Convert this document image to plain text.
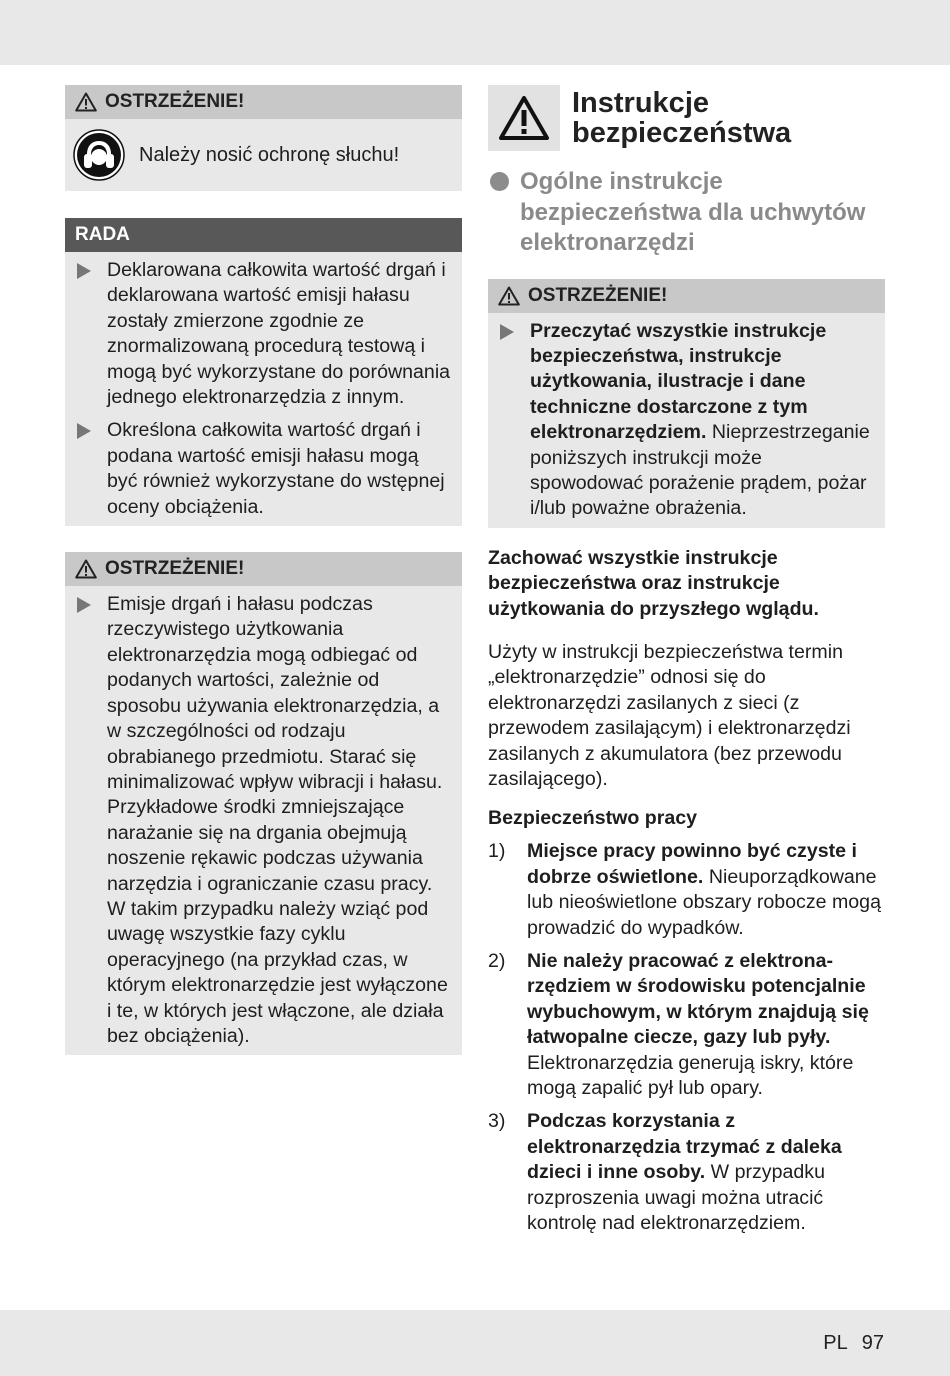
OSTRZEŻENIE!
Należy nosić ochronę słuchu!
RADA
Deklarowana całkowita wartość drgań i deklarowana wartość emisji hałasu zostały zmierzone zgodnie ze znormalizowaną procedurą testową i mogą być wykorzystane do porównania jednego elektronarzędzia z innym.
Określona całkowita wartość drgań i podana wartość emisji hałasu mogą być również wykorzystane do wstępnej oceny obciążenia.
OSTRZEŻENIE!
Emisje drgań i hałasu podczas rzeczywistego użytkowania elektronarzędzia mogą odbiegać od podanych wartości, zależnie od sposobu używania elektronarzędzia, a w szczególności od rodzaju obrabianego przedmiotu. Starać się minimalizować wpływ wibracji i hałasu. Przykładowe środki zmniejszające narażanie się na drgania obejmują noszenie rękawic podczas używania narzędzia i ograniczanie czasu pracy. W takim przypadku należy wziąć pod uwagę wszystkie fazy cyklu operacyjnego (na przykład czas, w którym elektronarzędzie jest wyłączone i te, w których jest włączone, ale działa bez obciążenia).
Instrukcje bezpieczeństwa
Ogólne instrukcje bezpieczeństwa dla uchwytów elektronarzędzi
OSTRZEŻENIE!
Przeczytać wszystkie instrukcje bezpieczeństwa, instrukcje użytkowania, ilustracje i dane techniczne dostarczone z tym elektronarzędziem. Nieprzestrzeganie poniższych instrukcji może spowodować porażenie prądem, pożar i/lub poważne obrażenia.

Zachować wszystkie instrukcje bezpieczeństwa oraz instrukcje użytkowania do przyszłego wglądu.

Użyty w instrukcji bezpieczeństwa termin „elektronarzędzie” odnosi się do elektronarzędzi zasilanych z sieci (z przewodem zasilającym) i elektronarzędzi zasilanych z akumulatora (bez przewodu zasilającego).

Bezpieczeństwo pracy
1) Miejsce pracy powinno być czyste i dobrze oświetlone. Nieuporządkowane lub nieoświetlone obszary robocze mogą prowadzić do wypadków.
2) Nie należy pracować z elektronarzędziem w środowisku potencjalnie wybuchowym, w którym znajdują się łatwopalne ciecze, gazy lub pyły. Elektronarzędzia generują iskry, które mogą zapalić pył lub opary.
3) Podczas korzystania z elektronarzędzia trzymać z daleka dzieci i inne osoby. W przypadku rozproszenia uwagi można utracić kontrolę nad elektronarzędziem.
PL 97
